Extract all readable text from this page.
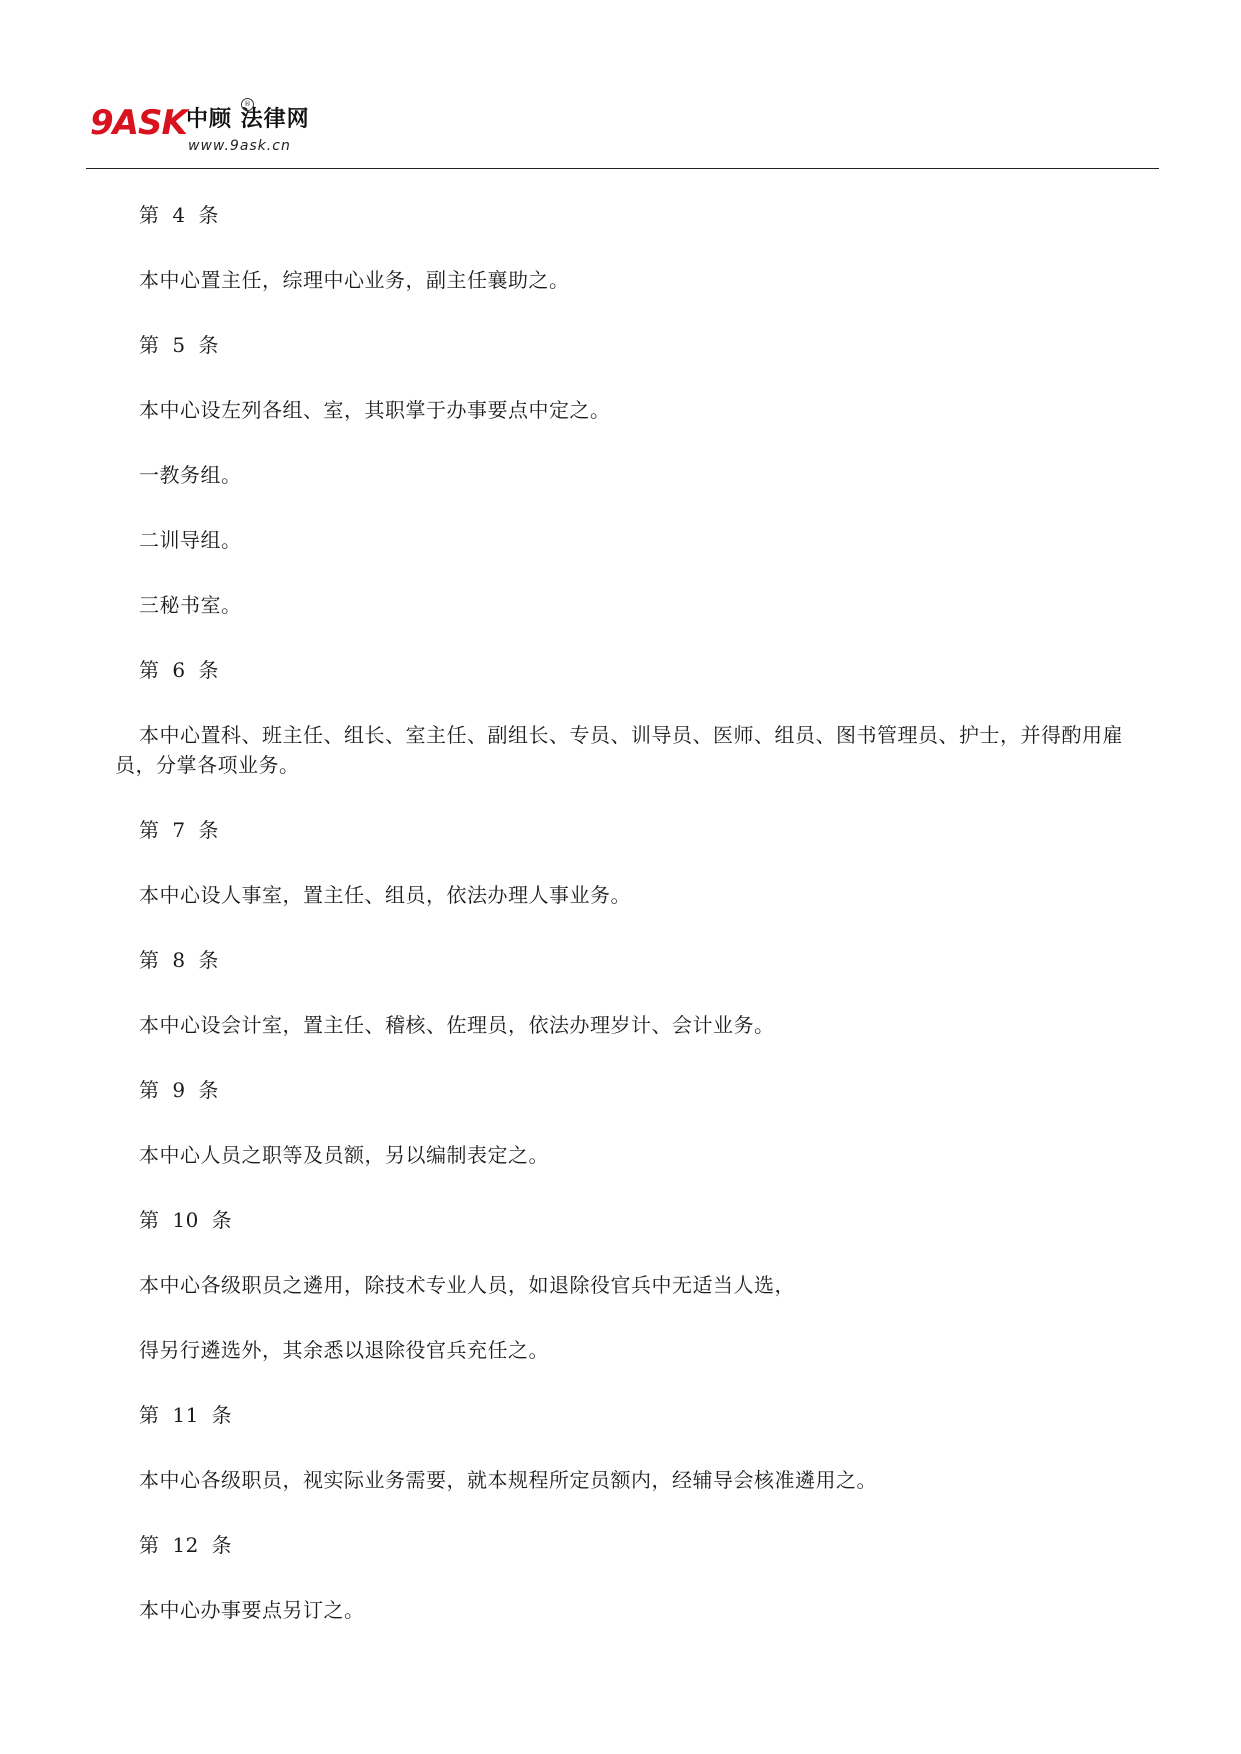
9ASK 中顾 法律网
®
www.9ask.cn

第 4 条

本中心置主任，综理中心业务，副主任襄助之。

第 5 条

本中心设左列各组、室，其职掌于办事要点中定之。

一教务组。

二训导组。

三秘书室。

第 6 条

本中心置科、班主任、组长、室主任、副组长、专员、训导员、医师、组员、图书管理员、护士，并得酌用雇员，分掌各项业务。

第 7 条

本中心设人事室，置主任、组员，依法办理人事业务。

第 8 条

本中心设会计室，置主任、稽核、佐理员，依法办理岁计、会计业务。

第 9 条

本中心人员之职等及员额，另以编制表定之。

第 10 条

本中心各级职员之遴用，除技术专业人员，如退除役官兵中无适当人选，

得另行遴选外，其余悉以退除役官兵充任之。

第 11 条

本中心各级职员，视实际业务需要，就本规程所定员额内，经辅导会核准遴用之。

第 12 条

本中心办事要点另订之。
